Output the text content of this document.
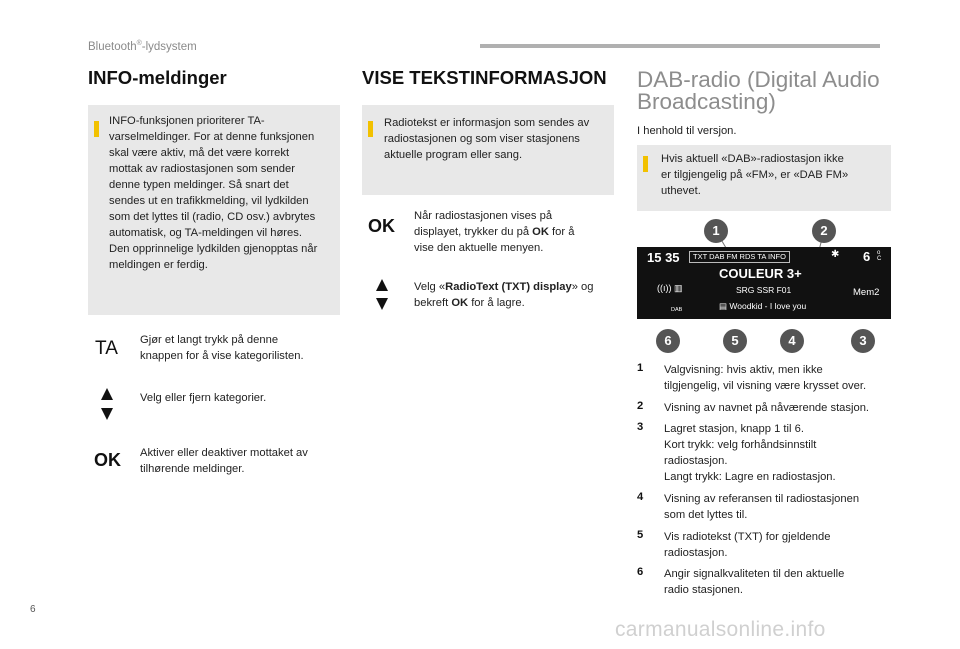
Bluetooth®-lydsystem
INFO-meldinger
INFO-funksjonen prioriterer TA-
varselmeldinger. For at denne funksjonen
skal være aktiv, må det være korrekt
mottak av radiostasjonen som sender
denne typen meldinger. Så snart det
sendes ut en trafikkmelding, vil lydkilden
som det lyttes til (radio, CD osv.) avbrytes
automatisk, og TA-meldingen vil høres.
Den opprinnelige lydkilden gjenopptas når
meldingen er ferdig.
TA Gjør et langt trykk på denne
knappen for å vise kategorilisten.
Velg eller fjern kategorier.
OK Aktiver eller deaktiver mottaket av
tilhørende meldinger.
VISE TEKSTINFORMASJON
Radiotekst er informasjon som sendes av
radiostasjonen og som viser stasjonens
aktuelle program eller sang.
OK Når radiostasjonen vises på
displayet, trykker du på OK for å
vise den aktuelle menyen.
Velg «RadioText (TXT) display» og
bekreft OK for å lagre.
DAB-radio (Digital Audio
Broadcasting)
I henhold til versjon.
Hvis aktuell «DAB»-radiostasjon ikke
er tilgjengelig på «FM», er «DAB FM»
uthevet.
15 35	TXT DAB FM RDS TA INFO	✱ 6 o
C
COULEUR 3+
SRG SSR F01
▤ Woodkid - I love you
Mem2
((ı)) ▥
DAB
1	2
3
4
5
6
1 Valgvisning: hvis aktiv, men ikke
tilgjengelig, vil visning være krysset over.
2 Visning av navnet på nåværende stasjon.
3 Lagret stasjon, knapp 1 til 6.
Kort trykk: velg forhåndsinnstilt
radiostasjon.
Langt trykk: Lagre en radiostasjon.
4 Visning av referansen til radiostasjonen
som det lyttes til.
5 Vis radiotekst (TXT) for gjeldende
radiostasjon.
6 Angir signalkvaliteten til den aktuelle
radio stasjonen.
6
carmanualsonline.info
